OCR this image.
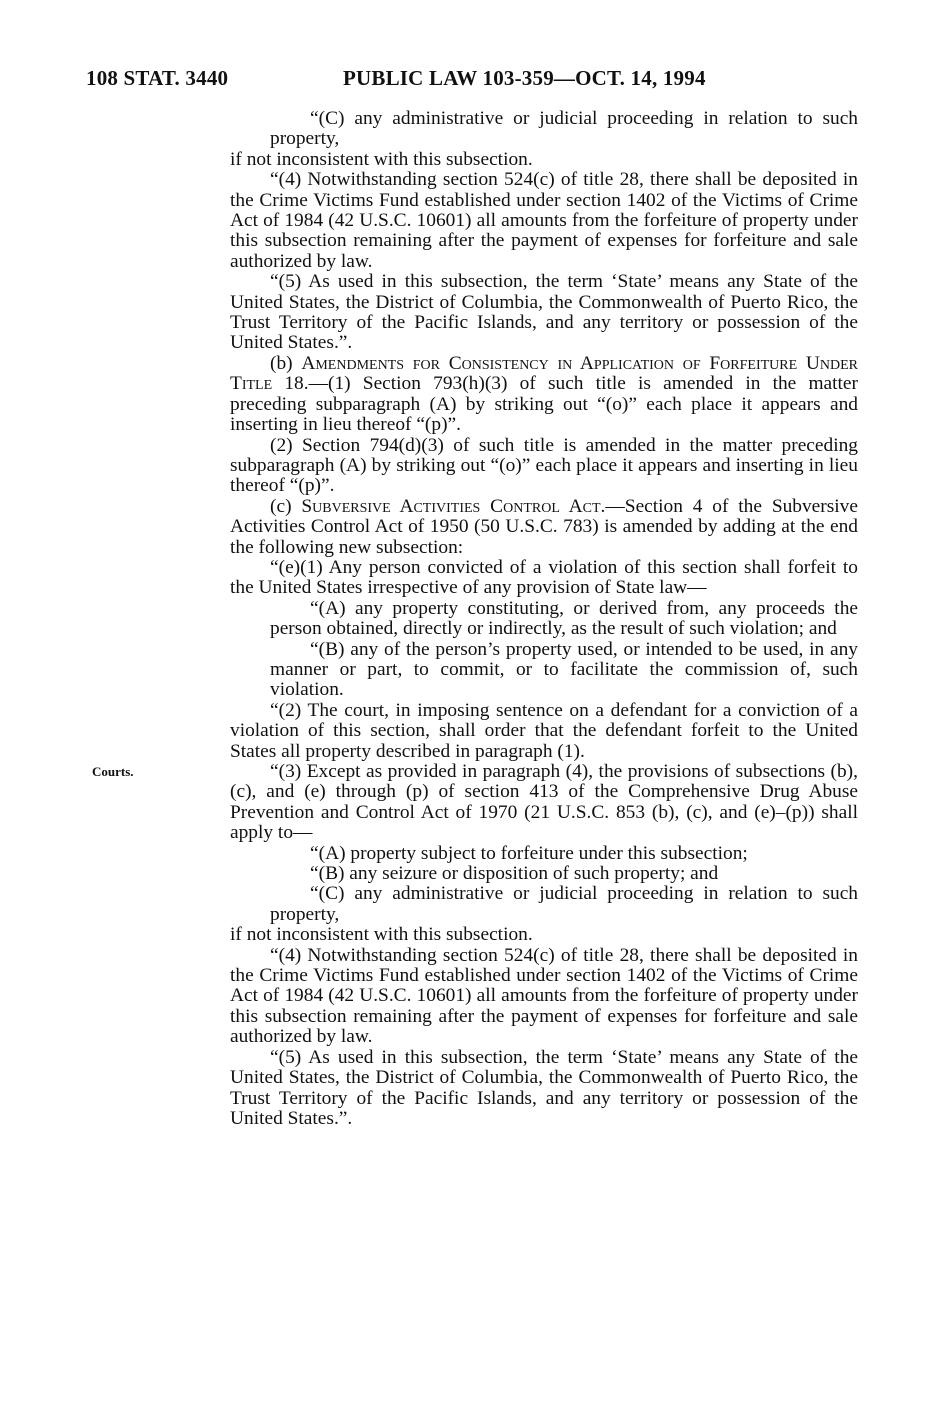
108 STAT. 3440	PUBLIC LAW 103-359—OCT. 14, 1994
Courts.

“(C) any administrative or judicial proceeding in relation to such property,

if not inconsistent with this subsection.

“(4) Notwithstanding section 524(c) of title 28, there shall be deposited in the Crime Victims Fund established under section 1402 of the Victims of Crime Act of 1984 (42 U.S.C. 10601) all amounts from the forfeiture of property under this subsection remaining after the payment of expenses for forfeiture and sale authorized by law.

“(5) As used in this subsection, the term ‘State’ means any State of the United States, the District of Columbia, the Commonwealth of Puerto Rico, the Trust Territory of the Pacific Islands, and any territory or possession of the United States.”.

(b) Amendments for Consistency in Application of Forfeiture Under Title 18.—(1) Section 793(h)(3) of such title is amended in the matter preceding subparagraph (A) by striking out “(o)” each place it appears and inserting in lieu thereof “(p)”.

(2) Section 794(d)(3) of such title is amended in the matter preceding subparagraph (A) by striking out “(o)” each place it appears and inserting in lieu thereof “(p)”.

(c) Subversive Activities Control Act.—Section 4 of the Subversive Activities Control Act of 1950 (50 U.S.C. 783) is amended by adding at the end the following new subsection:

“(e)(1) Any person convicted of a violation of this section shall forfeit to the United States irrespective of any provision of State law—

“(A) any property constituting, or derived from, any proceeds the person obtained, directly or indirectly, as the result of such violation; and

“(B) any of the person’s property used, or intended to be used, in any manner or part, to commit, or to facilitate the commission of, such violation.

“(2) The court, in imposing sentence on a defendant for a conviction of a violation of this section, shall order that the defendant forfeit to the United States all property described in paragraph (1).

“(3) Except as provided in paragraph (4), the provisions of subsections (b), (c), and (e) through (p) of section 413 of the Comprehensive Drug Abuse Prevention and Control Act of 1970 (21 U.S.C. 853 (b), (c), and (e)–(p)) shall apply to—

“(A) property subject to forfeiture under this subsection;

“(B) any seizure or disposition of such property; and

“(C) any administrative or judicial proceeding in relation to such property,

if not inconsistent with this subsection.

“(4) Notwithstanding section 524(c) of title 28, there shall be deposited in the Crime Victims Fund established under section 1402 of the Victims of Crime Act of 1984 (42 U.S.C. 10601) all amounts from the forfeiture of property under this subsection remaining after the payment of expenses for forfeiture and sale authorized by law.

“(5) As used in this subsection, the term ‘State’ means any State of the United States, the District of Columbia, the Commonwealth of Puerto Rico, the Trust Territory of the Pacific Islands, and any territory or possession of the United States.”.
